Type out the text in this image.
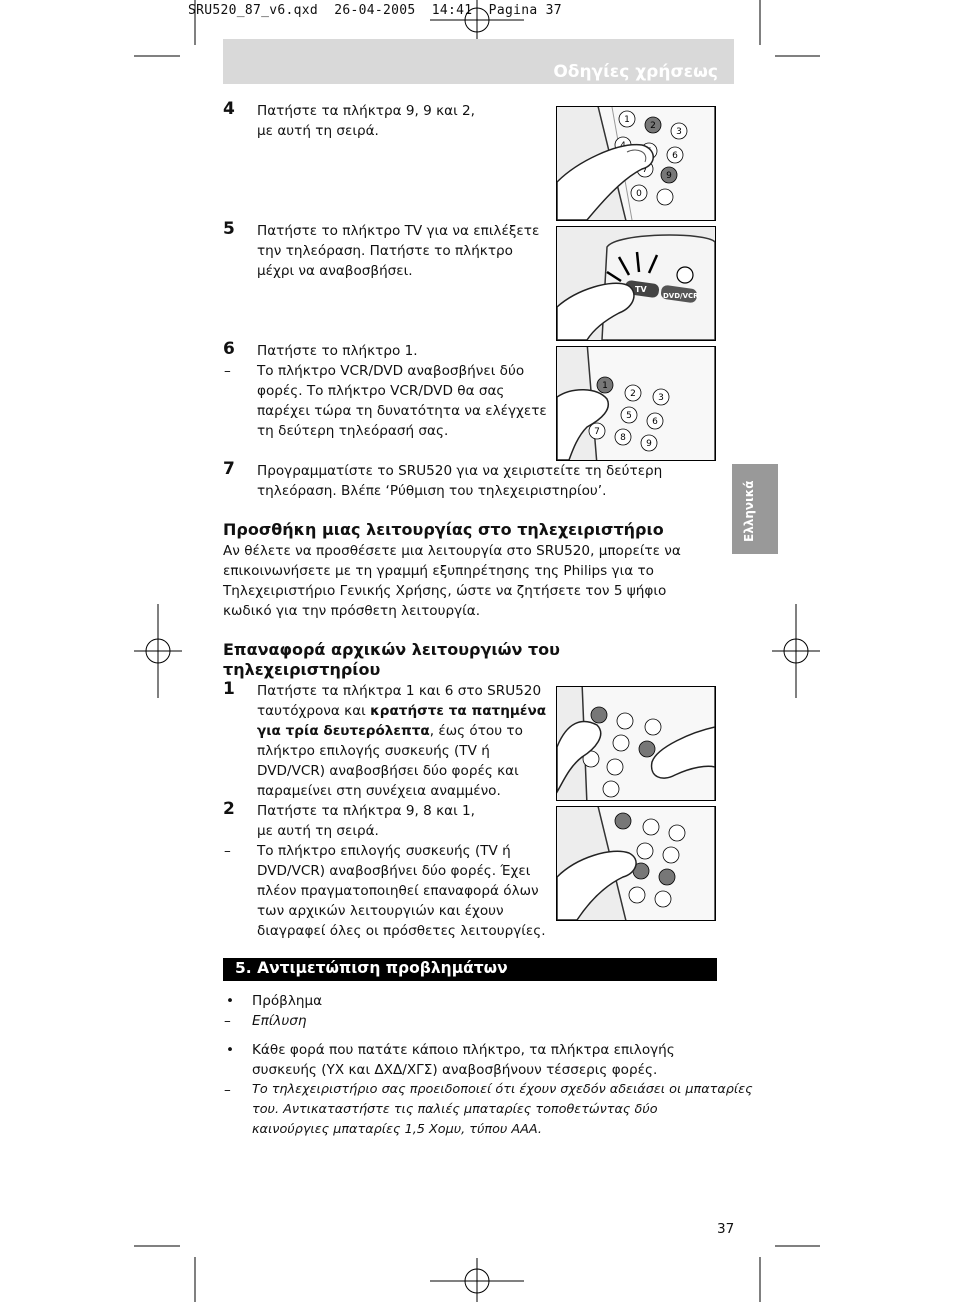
SRU520_87_v6.qxd  26-04-2005  14:41  Pagina 37
Οδηγίες χρήσεως
4 Πατήστε τα πλήκτρα 9, 9 και 2,
με αυτή τη σειρά.
5 Πατήστε το πλήκτρο TV για να επιλέξετε
την τηλεόραση. Πατήστε το πλήκτρο
μέχρι να αναβοσβήσει.
6 Πατήστε το πλήκτρο 1.
– Το πλήκτρο VCR/DVD αναβοσβήνει δύο
φορές. Το πλήκτρο VCR/DVD θα σας
παρέχει τώρα τη δυνατότητα να ελέγχετε
τη δεύτερη τηλεόρασή σας.
7 Προγραμματίστε το SRU520 για να χειριστείτε τη δεύτερη
τηλεόραση. Βλέπε ‘Ρύθμιση του τηλεχειριστηρίου’.
Προσθήκη μιας λειτουργίας στο τηλεχειριστήριο
Αν θέλετε να προσθέσετε μια λειτουργία στο SRU520, μπορείτε να
επικοινωνήσετε με τη γραμμή εξυπηρέτησης της Philips για το
Τηλεχειριστήριο Γενικής Χρήσης, ώστε να ζητήσετε τον 5 ψήφιο
κωδικό για την πρόσθετη λειτουργία.
Επαναφορά αρχικών λειτουργιών του
τηλεχειριστηρίου
1 Πατήστε τα πλήκτρα 1 και 6 στο SRU520
ταυτόχρονα και κρατήστε τα πατημένα
για τρία δευτερόλεπτα, έως ότου το
πλήκτρο επιλογής συσκευής (TV ή
DVD/VCR) αναβοσβήσει δύο φορές και
παραμείνει στη συνέχεια αναμμένο.
2 Πατήστε τα πλήκτρα 9, 8 και 1,
με αυτή τη σειρά.
– Το πλήκτρο επιλογής συσκευής (TV ή
DVD/VCR) αναβοσβήνει δύο φορές. Έχει
πλέον πραγματοποιηθεί επαναφορά όλων
των αρχικών λειτουργιών και έχουν
διαγραφεί όλες οι πρόσθετες λειτουργίες.
5. Αντιμετώπιση προβλημάτων
• Πρόβλημα
– Επίλυση
• Κάθε φορά που πατάτε κάποιο πλήκτρο, τα πλήκτρα επιλογής
συσκευής (YX και ΔΧΔ/ΧΓΣ) αναβοσβήνουν τέσσερις φορές.
– Το τηλεχειριστήριο σας προειδοποιεί ότι έχουν σχεδόν αδειάσει οι μπαταρίες
του. Αντικαταστήστε τις παλιές μπαταρίες τοποθετώντας δύο
καινούργιες μπαταρίες 1,5 Χομυ, τύπου AAA.
Ελληνικά
37
1
2
3
6
7
9
0
TV
DVD/VCR
1
2 3
5
6
7
8
9
